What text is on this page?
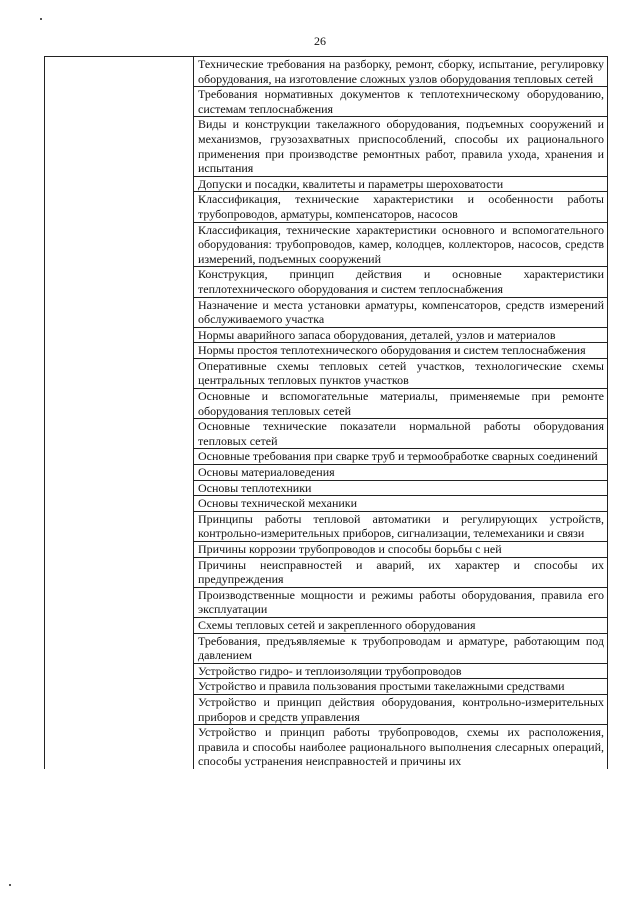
26

Технические требования на разборку, ремонт, сборку, испытание, регулировку оборудования, на изготовление сложных узлов оборудования тепловых сетей

Требования нормативных документов к теплотехническому оборудованию, системам теплоснабжения

Виды и конструкции такелажного оборудования, подъемных сооружений и механизмов, грузозахватных приспособлений, способы их рационального применения при производстве ремонтных работ, правила ухода, хранения и испытания

Допуски и посадки, квалитеты и параметры шероховатости

Классификация, технические характеристики и особенности работы трубопроводов, арматуры, компенсаторов, насосов

Классификация, технические характеристики основного и вспомогательного оборудования: трубопроводов, камер, колодцев, коллекторов, насосов, средств измерений, подъемных сооружений

Конструкция, принцип действия и основные характеристики теплотехнического оборудования и систем теплоснабжения

Назначение и места установки арматуры, компенсаторов, средств измерений обслуживаемого участка

Нормы аварийного запаса оборудования, деталей, узлов и материалов

Нормы простоя теплотехнического оборудования и систем теплоснабжения

Оперативные схемы тепловых сетей участков, технологические схемы центральных тепловых пунктов участков

Основные и вспомогательные материалы, применяемые при ремонте оборудования тепловых сетей

Основные технические показатели нормальной работы оборудования тепловых сетей

Основные требования при сварке труб и термообработке сварных соединений

Основы материаловедения

Основы теплотехники

Основы технической механики

Принципы работы тепловой автоматики и регулирующих устройств, контрольно-измерительных приборов, сигнализации, телемеханики и связи

Причины коррозии трубопроводов и способы борьбы с ней

Причины неисправностей и аварий, их характер и способы их предупреждения

Производственные мощности и режимы работы оборудования, правила его эксплуатации

Схемы тепловых сетей и закрепленного оборудования

Требования, предъявляемые к трубопроводам и арматуре, работающим под давлением

Устройство гидро- и теплоизоляции трубопроводов

Устройство и правила пользования простыми такелажными средствами

Устройство и принцип действия оборудования, контрольно-измерительных приборов и средств управления

Устройство и принцип работы трубопроводов, схемы их расположения, правила и способы наиболее рационального выполнения слесарных операций, способы устранения неисправностей и причины их
